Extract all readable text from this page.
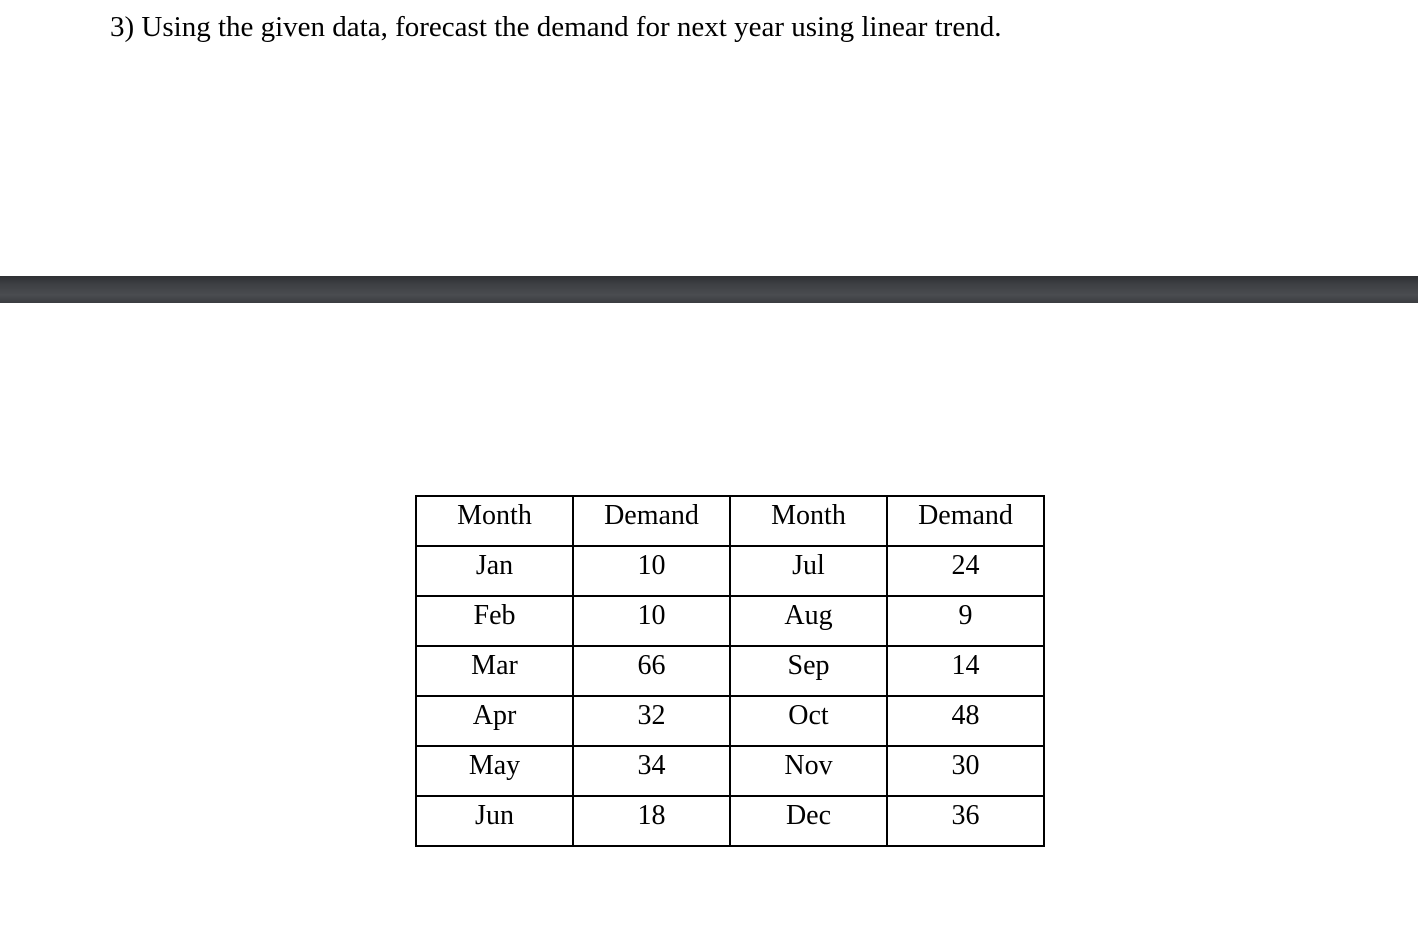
3) Using the given data, forecast the demand for next year using linear trend.
Month	Demand	Month	Demand

Jan	10	Jul	24

Feb	10	Aug	9

Mar	66	Sep	14

Apr	32	Oct	48

May	34	Nov	30

Jun	18	Dec	36
